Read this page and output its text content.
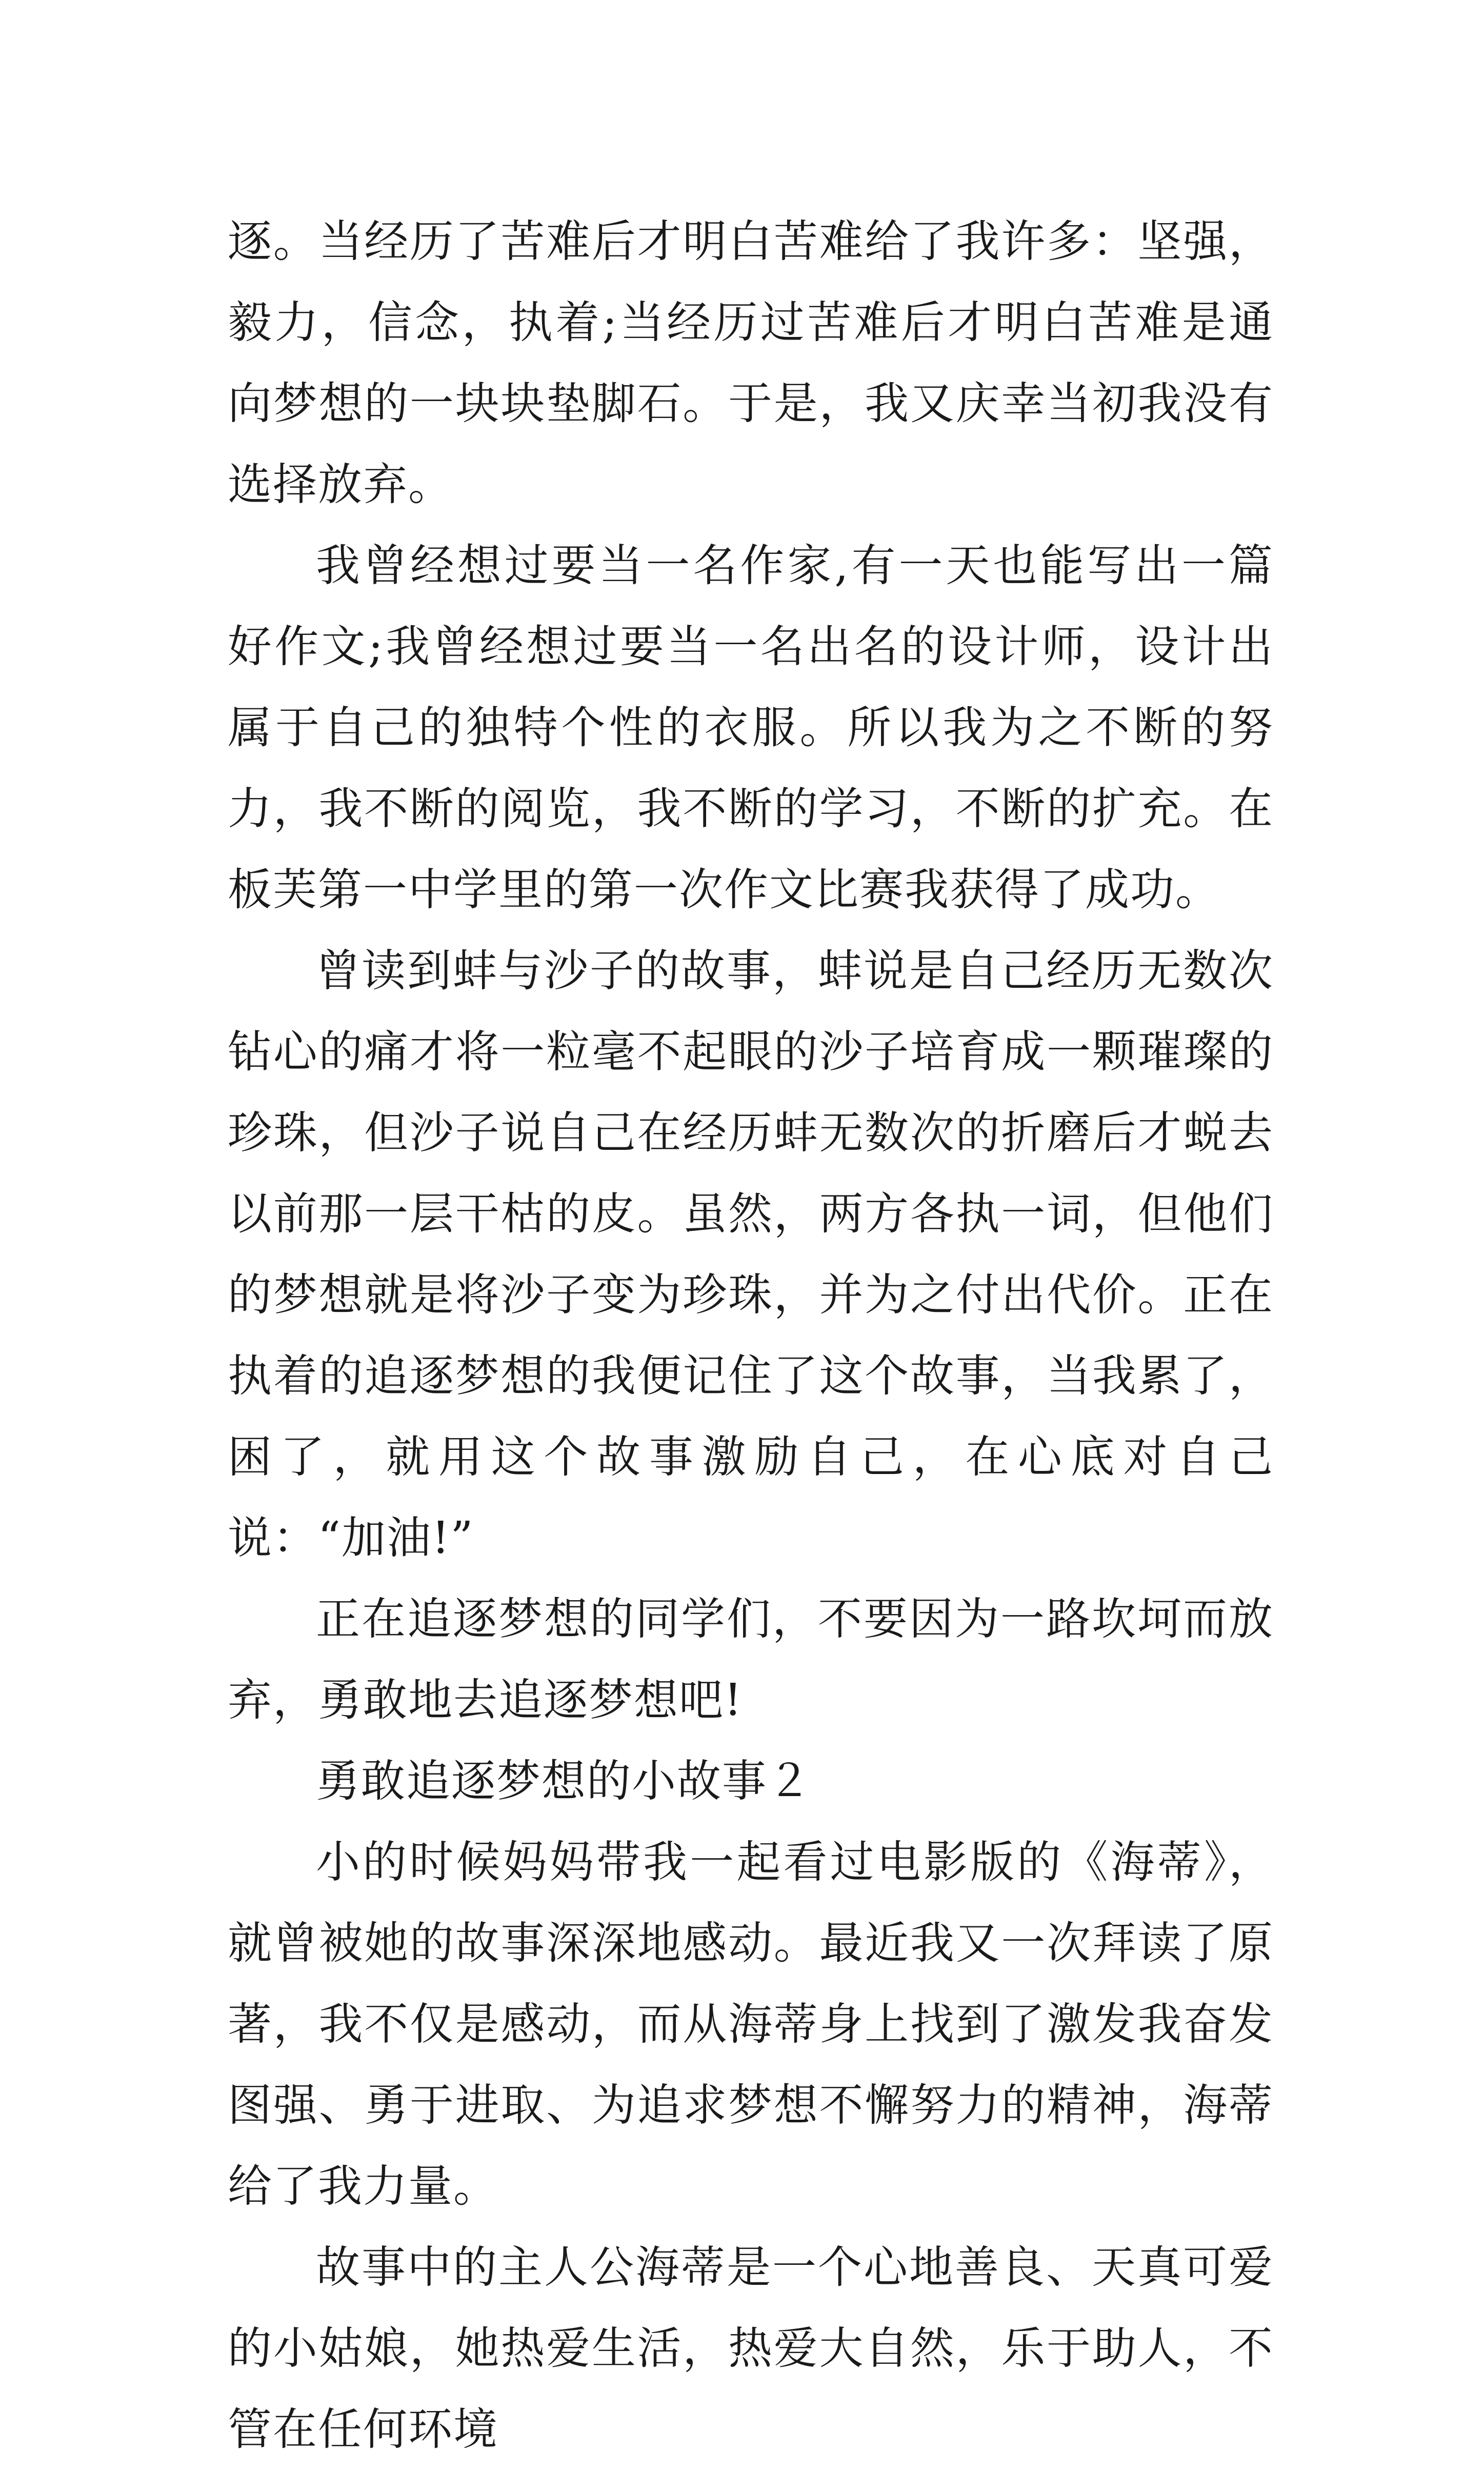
逐。当经历了苦难后才明白苦难给了我许多：坚强，毅力，信念，执着;当经历过苦难后才明白苦难是通向梦想的一块块垫脚石。于是，我又庆幸当初我没有选择放弃。

我曾经想过要当一名作家,有一天也能写出一篇好作文;我曾经想过要当一名出名的设计师，设计出属于自己的独特个性的衣服。所以我为之不断的努力，我不断的阅览，我不断的学习，不断的扩充。在板芙第一中学里的第一次作文比赛我获得了成功。

曾读到蚌与沙子的故事，蚌说是自己经历无数次钻心的痛才将一粒毫不起眼的沙子培育成一颗璀璨的珍珠，但沙子说自己在经历蚌无数次的折磨后才蜕去以前那一层干枯的皮。虽然，两方各执一词，但他们的梦想就是将沙子变为珍珠，并为之付出代价。正在执着的追逐梦想的我便记住了这个故事，当我累了，困了，就用这个故事激励自己，在心底对自己说：“加油!”

正在追逐梦想的同学们，不要因为一路坎坷而放弃，勇敢地去追逐梦想吧!

勇敢追逐梦想的小故事２

小的时候妈妈带我一起看过电影版的《海蒂》，就曾被她的故事深深地感动。最近我又一次拜读了原著，我不仅是感动，而从海蒂身上找到了激发我奋发图强、勇于进取、为追求梦想不懈努力的精神，海蒂给了我力量。

故事中的主人公海蒂是一个心地善良、天真可爱的小姑娘，她热爱生活，热爱大自然，乐于助人，不管在任何环境
